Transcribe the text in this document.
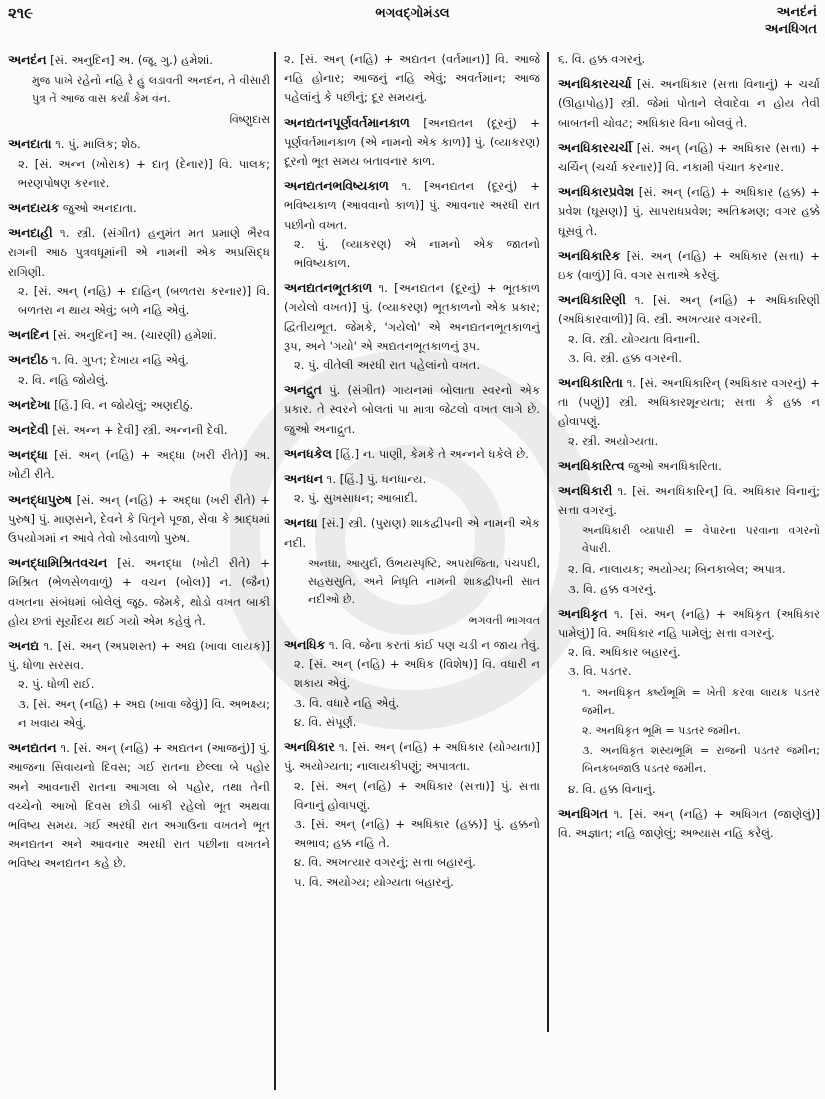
૨૧૯	ભગવદ્ગોમંડલ	અનદંનં
અનધિગત
અનદંન [સં. અનુદિન] અ. (જૂ. ગુ.) હમેશાં.
મુજ પાખે રહેનો નહિ રે હું લડાવતી અનદંન, તે વીસારી પુત્ર તેં આજ વાસ કર્યાં કેમ વંન.
વિષ્ણુદાસ
અનદાતા ૧. પું. માલિક; શેઠ.
૨. [સં. અન્ન (ખોરાક) + દાતૃ (દેનાર)] વિ. પાલક; ભરણપોષણ કરનાર.
અનદાયક જુઓ અનદાતા.
અનદાહી ૧. સ્ત્રી. (સંગીત) હનુમંત મત પ્રમાણે ભૈરવ રાગની આઠ પુત્રવધૂમાંની એ નામની એક અપ્રસિદ્ધ રાગિણી.
૨. [સં. અન્ (નહિ) + દાહિન્ (બળતરા કરનાર)] વિ. બળતરા ન થાય એવું; બળે નહિ એવું.
અનદિન [સં. અનુદિન] અ. (ચારણી) હમેશાં.
અનદીઠ ૧. વિ. ગુપ્ત; દેખાય નહિ એવું.
૨. વિ. નહિ જોયેલું.
અનદેખા [હિં.] વિ. ન જોયેલું; અણદીઠું.
અનદેવી [સં. અન્ન + દેવી] સ્ત્રી. અન્નની દેવી.
અનદ્ધા [સં. અન્ (નહિ) + અદ્ધા (ખરી રીતે)] અ. ખોટી રીતે.
અનદ્ધાપુરુષ [સં. અન્ (નહિ) + અદ્ધા (ખરી રીતે) + પુરુષ] પું. માણસને, દેવને કે પિતૃને પૂજા, સેવા કે શ્રાદ્ધમાં ઉપયોગમાં ન આવે તેવો ખોડવાળો પુરુષ.
અનદ્ધામિશ્રિતવચન [સં. અનદ્ધા (ખોટી રીતે) + મિશ્રિત (ભેળસેળવાળું) + વચન (બોલ)] ન. (જૈન) વખતના સંબંધમાં બોલેલું જૂઠ. જેમકે, થોડો વખત બાકી હોય છતાં સૂર્યોદય થઈ ગયો એમ કહેવું તે.
અનદ્ય ૧. [સં. અન્ (અપ્રશસ્ત) + અદ્ય (ખાવા લાયક)] પું. ધોળા સરસવ.
૨. પું. ધોળી રાઈ.
૩. [સં. અન્ (નહિ) + અદ્ય (ખાવા જેવું)] વિ. અભક્ષ્ય; ન ખવાય એવું.
અનદ્યતન ૧. [સં. અન્ (નહિ) + અદ્યતન (આજનું)] પું. આજના સિવાયનો દિવસ; ગઈ રાતના છેલ્લા બે પહોર અને આવનારી રાતના આગલા બે પહોર, તથા તેની વચ્ચેનો આખો દિવસ છોડી બાકી રહેલો ભૂત અથવા ભવિષ્ય સમય. ગઈ અરધી રાત અગાઉના વખતને ભૂત અનદ્યતન અને આવનાર અરધી રાત પછીના વખતને ભવિષ્ય અનદ્યતન કહે છે.
૨. [સં. અન્ (નહિ) + અદ્યતન (વર્તમાન)] વિ. આજે નહિ હોનાર; આજનું નહિ એવું; અવર્તમાન; આજ પહેલાંનું કે પછીનું; દૂર સમયનું.
અનદ્યતનપૂર્ણવર્તમાનકાળ [અનદ્યતન (દૂરનું) + પૂર્ણવર્તમાનકાળ (એ નામનો એક કાળ)] પું. (વ્યાકરણ) દૂરનો ભૂત સમય બતાવનાર કાળ.
અનદ્યતનભવિષ્યકાળ ૧. [અનદ્યતન (દૂરનું) + ભવિષ્યકાળ (આવવાનો કાળ)] પું. આવનાર અરધી રાત પછીનો વખત.
૨. પું. (વ્યાકરણ) એ નામનો એક જાતનો ભવિષ્યકાળ.
અનદ્યતનભૂતકાળ ૧. [અનદ્યતન (દૂરનું) + ભૂતકાળ (ગયેલો વખત)] પું. (વ્યાકરણ) ભૂતકાળનો એક પ્રકાર; દ્વિતીયભૂત. જેમકે, 'ગયેલો' એ અનદ્યતનભૂતકાળનું રૂપ, અને 'ગયો' એ અદ્યતનભૂતકાળનું રૂપ.
૨. પું. વીતેલી અરધી રાત પહેલાંનો વખત.
અનદ્રુત પું. (સંગીત) ગાયનમાં બોલાતા સ્વરનો એક પ્રકાર. તે સ્વરને બોલતાં પા માત્રા જેટલો વખત લાગે છે. જુઓ અનાદ્રુત.
અનધકેલ [હિં.] ન. પાણી, કેમકે તે અન્નને ધકેલે છે.
અનધન ૧. [હિં.] પું. ધનધાન્ય.
૨. પું. સુખસાધન; આબાદી.
અનઘા [સં.] સ્ત્રી. (પુરાણ) શાકદ્વીપની એ નામની એક નદી.
અનઘા, આયુર્દા, ઉભયસ્પૃષ્ટિ, અપરાજિતા, પંચપદી, સહસ્રસુતિ, અને નિધૃતિ નામની શાકદ્વીપની સાત નદીઓ છે.
ભગવતી ભાગવત
અનધિક ૧. વિ. જેના કરતાં કાંઈ પણ ચડી ન જાય તેવું.
૨. [સં. અન્ (નહિ) + અધિક (વિશેષ)] વિ. વધારી ન શકાય એવું.
૩. વિ. વધારે નહિ એવું.
૪. વિ. સંપૂર્ણ.
અનધિકાર ૧. [સં. અન્ (નહિ) + અધિકાર (યોગ્યતા)] પું. અયોગ્યતા; નાલાયકીપણું; અપાત્રતા.
૨. [સં. અન્ (નહિ) + અધિકાર (સત્તા)] પું. સત્તા વિનાનું હોવાપણું.
૩. [સં. અન્ (નહિ) + અધિકાર (હક્ક)] પું. હક્કનો અભાવ; હક્ક નહિ તે.
૪. વિ. અખત્યાર વગરનું; સત્તા બહારનું.
૫. વિ. અયોગ્ય; યોગ્યતા બહારનું.
૬. વિ. હક્ક વગરનું.
અનધિકારચર્ચા [સં. અનધિકાર (સત્તા વિનાનું) + ચર્ચા (ઊહાપોહ)] સ્ત્રી. જેમાં પોતાને લેવાદેવા ન હોય તેવી બાબતની ચોવટ; અધિકાર વિના બોલવું તે.
અનધિકારચર્ચી [સં. અન્ (નહિ) + અધિકાર (સત્તા) + ચર્ચિન્ (ચર્ચા કરનાર)] વિ. નકામી પંચાત કરનાર.
અનધિકારપ્રવેશ [સં. અન્ (નહિ) + અધિકાર (હક્ક) + પ્રવેશ (ઘૂસણ)] પું. સાપરાધપ્રવેશ; અતિક્રમણ; વગર હક્કે ઘૂસવું તે.
અનધિકારિક [સં. અન્ (નહિ) + અધિકાર (સત્તા) + ઇક (વાળું)] વિ. વગર સત્તાએ કરેલું.
અનધિકારિણી ૧. [સં. અન્ (નહિ) + અધિકારિણી (અધિકારવાળી)] વિ. સ્ત્રી. અખત્યાર વગરની.
૨. વિ. સ્ત્રી. યોગ્યતા વિનાની.
૩. વિ. સ્ત્રી. હક્ક વગરની.
અનધિકારિતા ૧. [સં. અનધિકારિન્ (અધિકાર વગરનું) + તા (પણું)] સ્ત્રી. અધિકારશૂન્યતા; સત્તા કે હક્ક ન હોવાપણું.
૨. સ્ત્રી. અયોગ્યતા.
અનધિકારિત્વ જુઓ અનધિકારિતા.
અનધિકારી ૧. [સં. અનધિકારિન્] વિ. અધિકાર વિનાનું; સત્તા વગરનું.
અનધિકારી વ્યાપારી = વેપારના પરવાના વગરનો વેપારી.
૨. વિ. નાલાયક; અયોગ્ય; બિનકાબેલ; અપાત્ર.
૩. વિ. હક્ક વગરનું.
અનધિકૃત ૧. [સં. અન્ (નહિ) + અધિકૃત (અધિકાર પામેલું)] વિ. અધિકાર નહિ પામેલું; સત્તા વગરનું.
૨. વિ. અધિકાર બહારનું.
૩. વિ. પડતર.
૧. અનધિકૃત કર્ષ્યભૂમિ = ખેતી કરવા લાયક પડતર જમીન.
૨. અનધિકૃત ભૂમિ = પડતર જમીન.
૩. અનધિકૃત શસ્યભૂમિ = રાજની પડતર જમીન; બિનકબજાઉ પડતર જમીન.
૪. વિ. હક્ક વિનાનું.
અનધિગત ૧. [સં. અન્ (નહિ) + અધિગત (જાણેલું)] વિ. અજ્ઞાત; નહિ જાણેલું; અભ્યાસ નહિ કરેલું.
